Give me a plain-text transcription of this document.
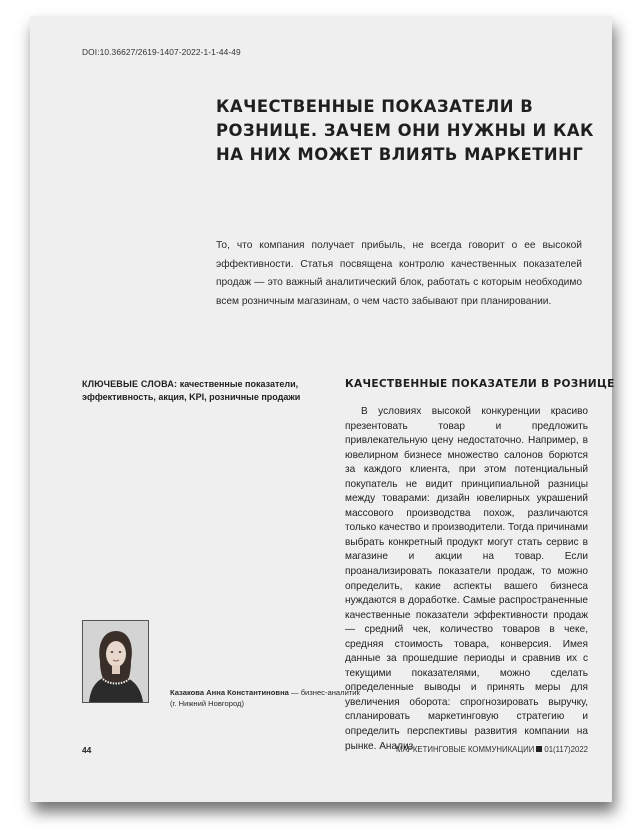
DOI:10.36627/2619-1407-2022-1-1-44-49
КАЧЕСТВЕННЫЕ ПОКАЗАТЕЛИ В РОЗНИЦЕ. ЗАЧЕМ ОНИ НУЖНЫ И КАК НА НИХ МОЖЕТ ВЛИЯТЬ МАРКЕТИНГ
То, что компания получает прибыль, не всегда говорит о ее высокой эффективности. Статья посвящена контролю качественных показателей продаж — это важный аналитический блок, работать с которым необходимо всем розничным магазинам, о чем часто забывают при планировании.
КЛЮЧЕВЫЕ СЛОВА: качественные показатели, эффективность, акция, KPI, розничные продажи
Казакова Анна Константиновна — бизнес-аналитик
(г. Нижний Новгород)
КАЧЕСТВЕННЫЕ ПОКАЗАТЕЛИ В РОЗНИЦЕ
В условиях высокой конкуренции красиво презентовать товар и предложить привлекательную цену недостаточно. Например, в ювелирном бизнесе множество салонов борются за каждого клиента, при этом потенциальный покупатель не видит принципиальной разницы между товарами: дизайн ювелирных украшений массового производства похож, различаются только качество и производители. Тогда причинами выбрать конкретный продукт могут стать сервис в магазине и акции на товар. Если проанализировать показатели продаж, то можно определить, какие аспекты вашего бизнеса нуждаются в доработке. Самые распространенные качественные показатели эффективности продаж — средний чек, количество товаров в чеке, средняя стоимость товара, конверсия. Имея данные за прошедшие периоды и сравнив их с текущими показателями, можно сделать определенные выводы и принять меры для увеличения оборота: спрогнозировать выручку, спланировать маркетинговую стратегию и определить перспективы развития компании на рынке. Анализ
44	МАРКЕТИНГОВЫЕ КОММУНИКАЦИИ 01(117)2022
